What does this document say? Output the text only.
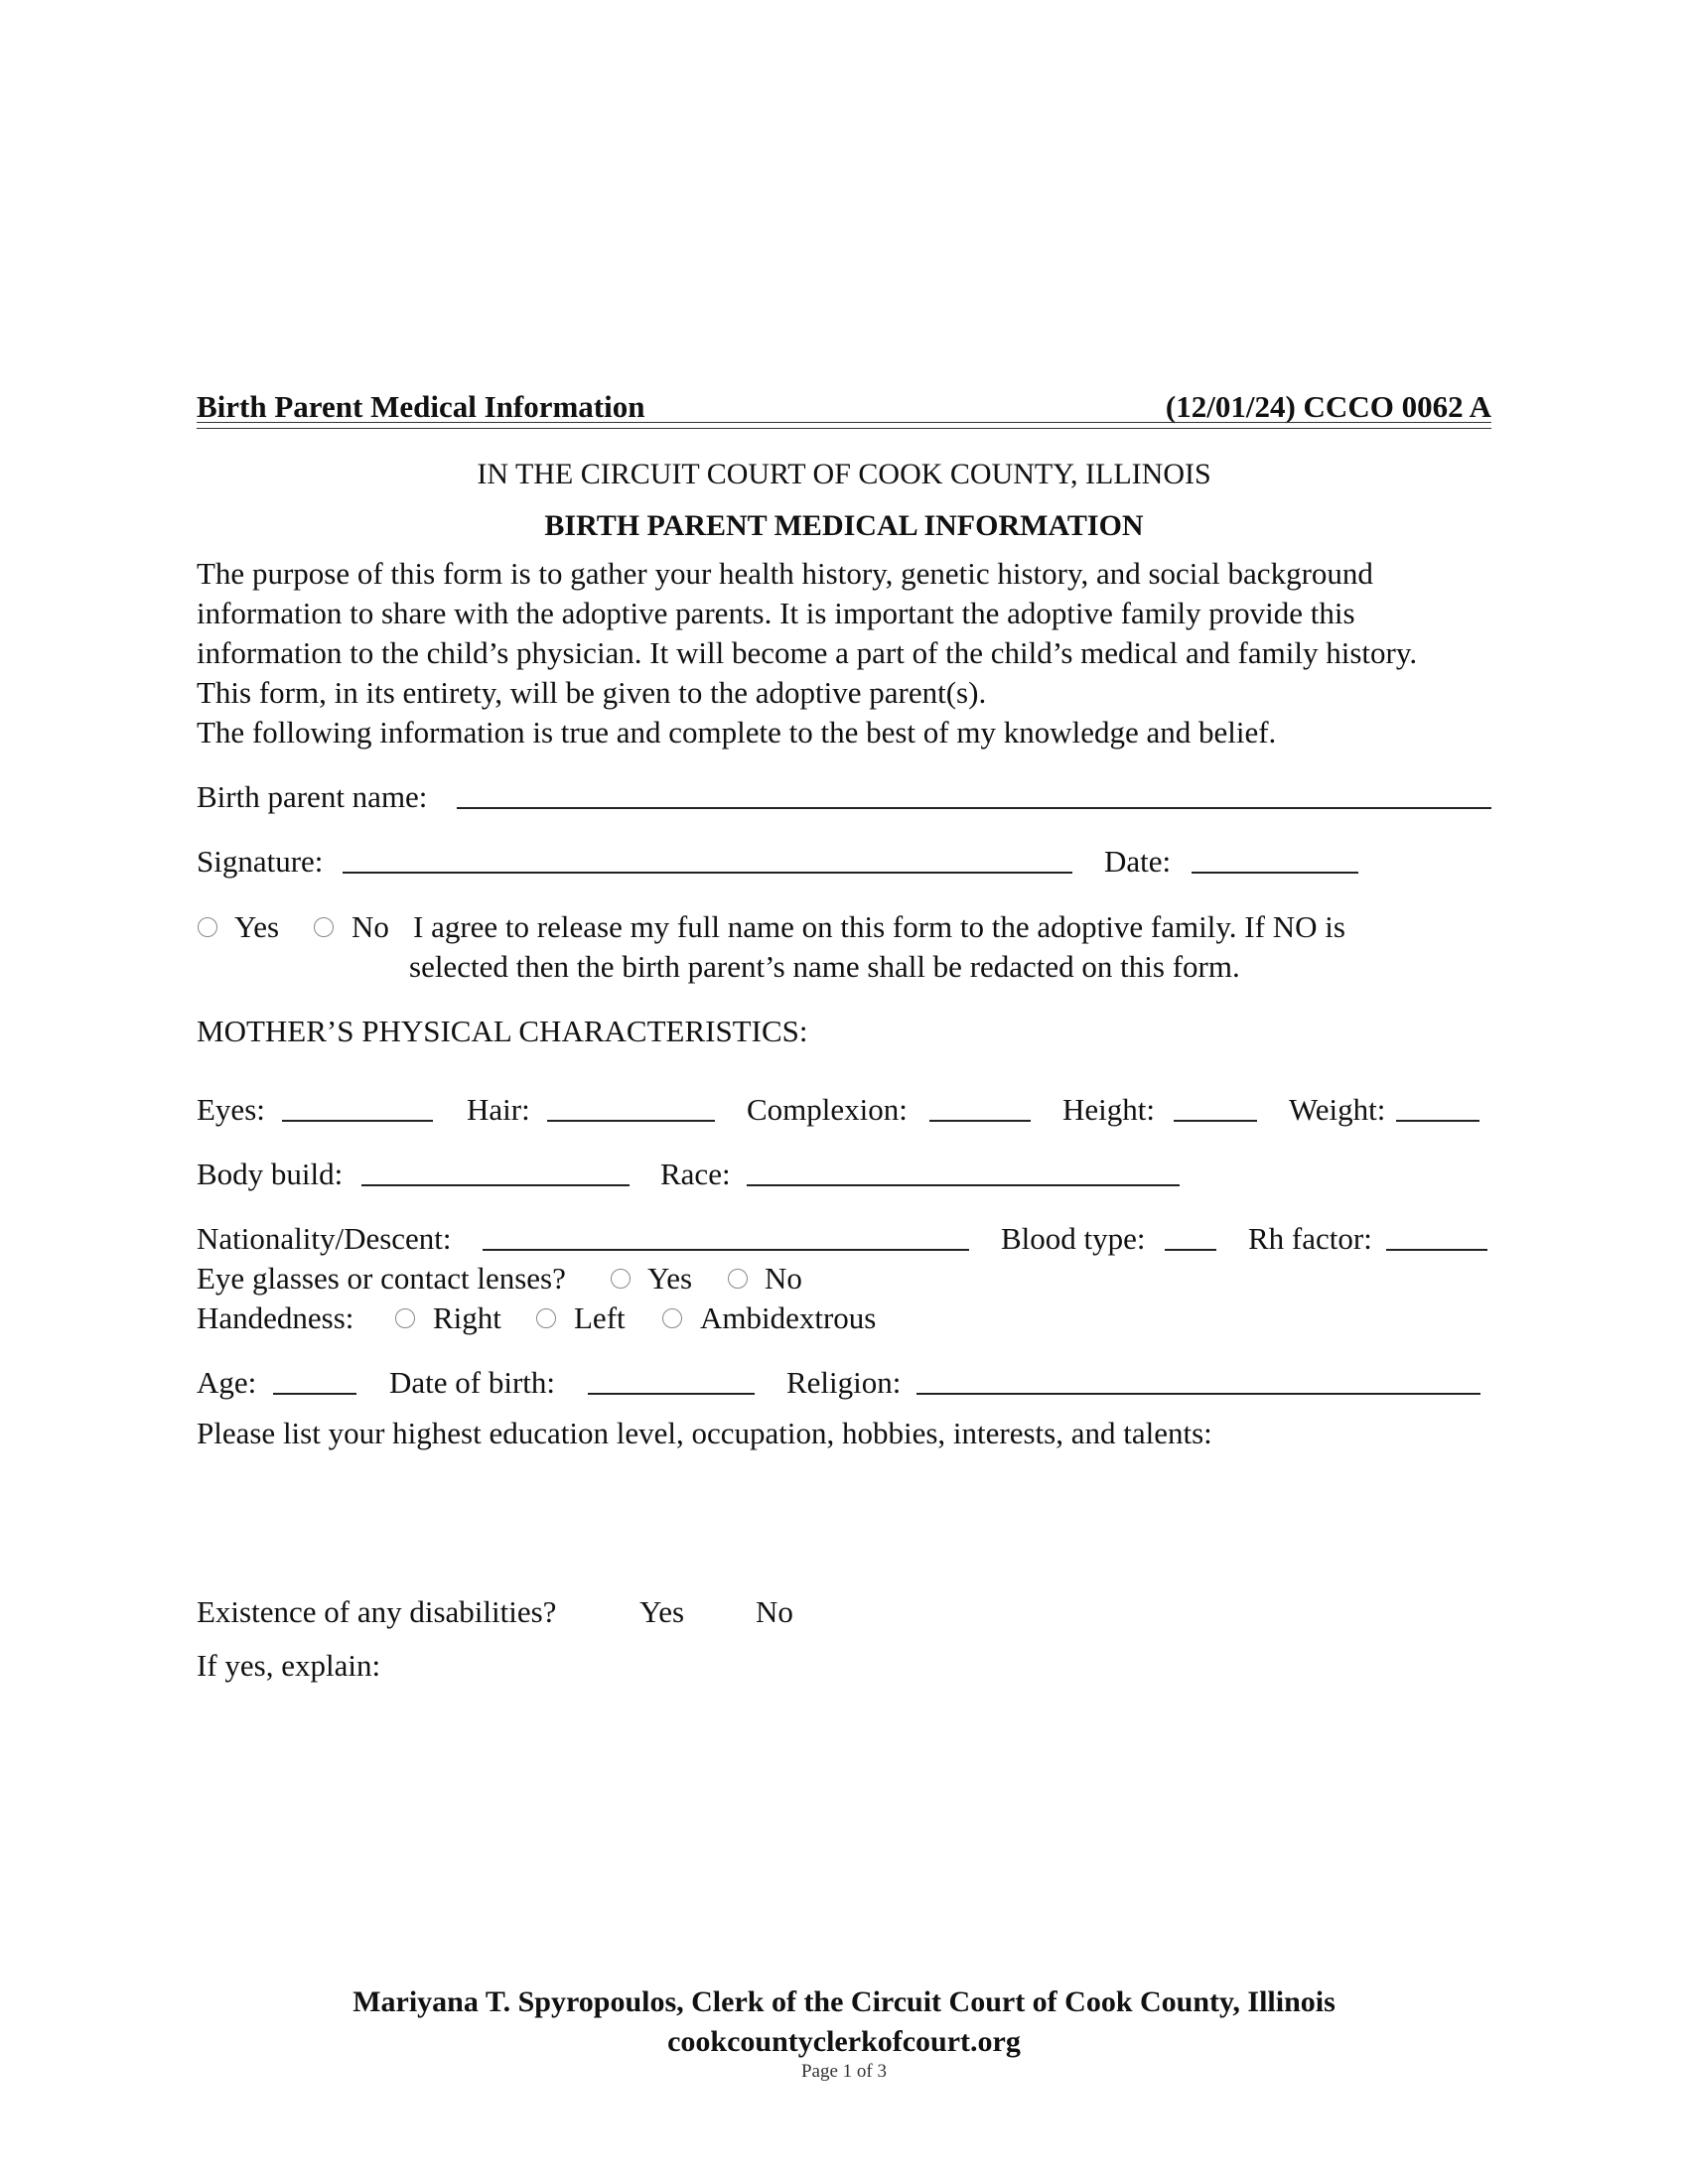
Birth Parent Medical Information	(12/01/24) CCCO 0062 A
IN THE CIRCUIT COURT OF COOK COUNTY, ILLINOIS
BIRTH PARENT MEDICAL INFORMATION
The purpose of this form is to gather your health history, genetic history, and social background
information to share with the adoptive parents. It is important the adoptive family provide this
information to the child’s physician. It will become a part of the child’s medical and family history.
This form, in its entirety, will be given to the adoptive parent(s).
The following information is true and complete to the best of my knowledge and belief.
Birth parent name:
Signature:	Date:
Yes No I agree to release my full name on this form to the adoptive family. If NO is
selected then the birth parent’s name shall be redacted on this form.
MOTHER’S PHYSICAL CHARACTERISTICS:
Eyes:	Hair:	Complexion:	Height:	Weight:
Body build:	Race:
Nationality/Descent:	Blood type:	Rh factor:
Eye glasses or contact lenses?	Yes No
Handedness:	Right Left Ambidextrous
Age:	Date of birth:	Religion:
Please list your highest education level, occupation, hobbies, interests, and talents:
Existence of any disabilities?	Yes No
If yes, explain:
Mariyana T. Spyropoulos, Clerk of the Circuit Court of Cook County, Illinois
cookcountyclerkofcourt.org
Page 1 of 3
